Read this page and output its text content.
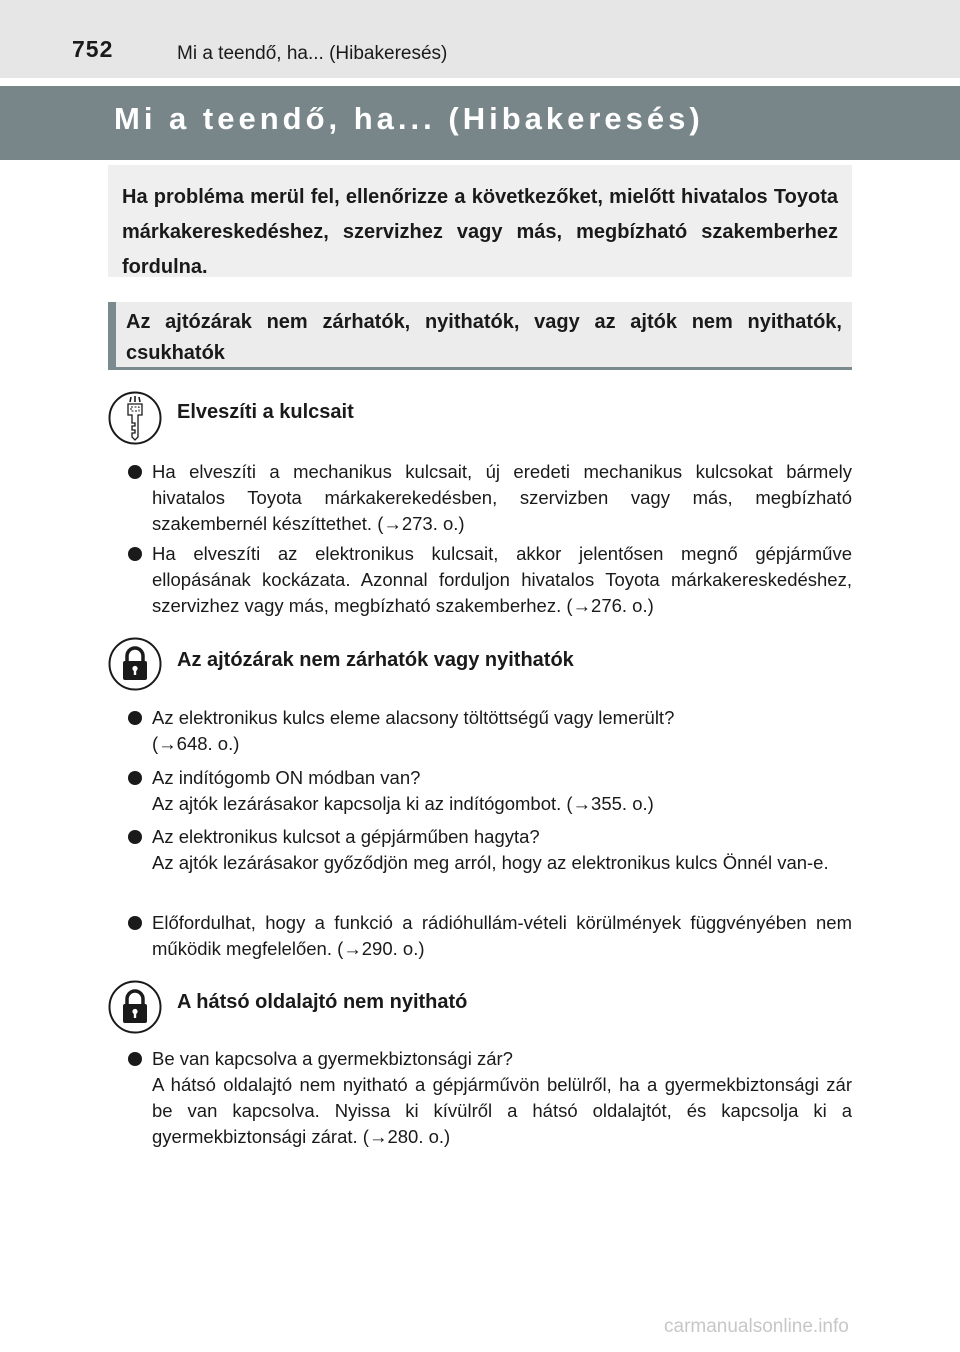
752	Mi a teendő, ha... (Hibakeresés)
Mi a teendő, ha... (Hibakeresés)
Ha probléma merül fel, ellenőrizze a következőket, mielőtt hivatalos Toyota márkakereskedéshez, szervizhez vagy más, megbízható szakemberhez fordulna.
Az ajtózárak nem zárhatók, nyithatók, vagy az ajtók nem nyithatók, csukhatók
Elveszíti a kulcsait
Ha elveszíti a mechanikus kulcsait, új eredeti mechanikus kulcsokat bármely hivatalos Toyota márkakerekedésben, szervizben vagy más, megbízható szakembernél készíttethet. (→273. o.)
Ha elveszíti az elektronikus kulcsait, akkor jelentősen megnő gépjárműve ellopásának kockázata. Azonnal forduljon hivatalos Toyota márkakereskedéshez, szervizhez vagy más, megbízható szakemberhez. (→276. o.)
Az ajtózárak nem zárhatók vagy nyithatók
Az elektronikus kulcs eleme alacsony töltöttségű vagy lemerült?
(→648. o.)
Az indítógomb ON módban van?
Az ajtók lezárásakor kapcsolja ki az indítógombot. (→355. o.)
Az elektronikus kulcsot a gépjárműben hagyta?
Az ajtók lezárásakor győződjön meg arról, hogy az elektronikus kulcs Önnél van-e.
Előfordulhat, hogy a funkció a rádióhullám-vételi körülmények függvényében nem működik megfelelően. (→290. o.)
A hátsó oldalajtó nem nyitható
Be van kapcsolva a gyermekbiztonsági zár?
A hátsó oldalajtó nem nyitható a gépjárművön belülről, ha a gyermekbiztonsági zár be van kapcsolva. Nyissa ki kívülről a hátsó oldalajtót, és kapcsolja ki a gyermekbiztonsági zárat. (→280. o.)
carmanualsonline.info
